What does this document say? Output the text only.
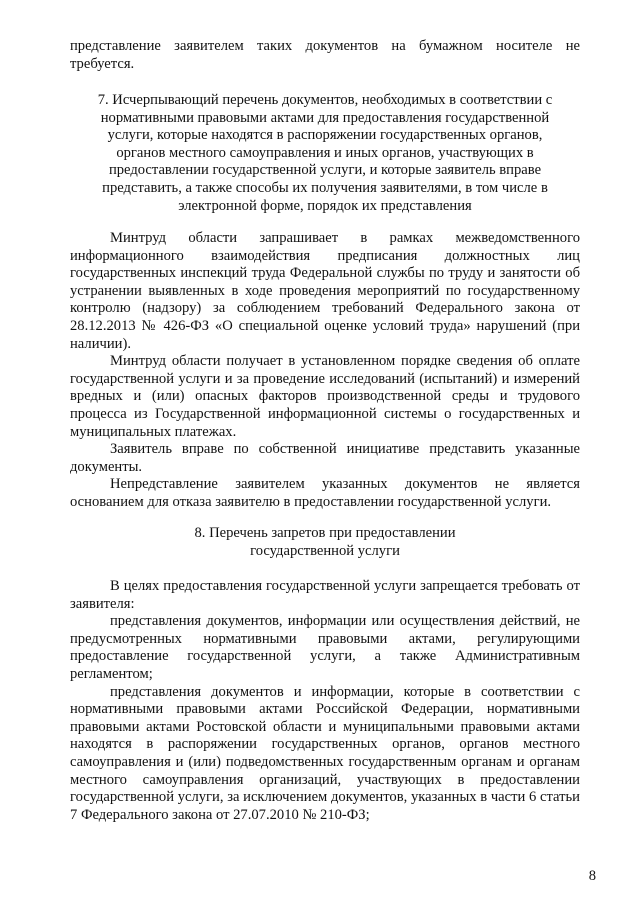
представление заявителем таких документов на бумажном носителе не требуется.

7. Исчерпывающий перечень документов, необходимых в соответствии с
нормативными правовыми актами для предоставления государственной
услуги, которые находятся в распоряжении государственных органов,
органов местного самоуправления и иных органов, участвующих в
предоставлении государственной услуги, и которые заявитель вправе
представить, а также способы их получения заявителями, в том числе в
электронной форме, порядок их представления

Минтруд области запрашивает в рамках межведомственного информационного взаимодействия предписания должностных лиц государственных инспекций труда Федеральной службы по труду и занятости об устранении выявленных в ходе проведения мероприятий по государственному контролю (надзору) за соблюдением требований Федерального закона от 28.12.2013 № 426-ФЗ «О специальной оценке условий труда» нарушений (при наличии).

Минтруд области получает в установленном порядке сведения об оплате государственной услуги и за проведение исследований (испытаний) и измерений вредных и (или) опасных факторов производственной среды и трудового процесса из Государственной информационной системы о государственных и муниципальных платежах.

Заявитель вправе по собственной инициативе представить указанные документы.

Непредставление заявителем указанных документов не является основанием для отказа заявителю в предоставлении государственной услуги.

8. Перечень запретов при предоставлении
государственной услуги

В целях предоставления государственной услуги запрещается требовать от заявителя:

представления документов, информации или осуществления действий, не предусмотренных нормативными правовыми актами, регулирующими предоставление государственной услуги, а также Административным регламентом;

представления документов и информации, которые в соответствии с нормативными правовыми актами Российской Федерации, нормативными правовыми актами Ростовской области и муниципальными правовыми актами находятся в распоряжении государственных органов, органов местного самоуправления и (или) подведомственных государственным органам и органам местного самоуправления организаций, участвующих в предоставлении государственной услуги, за исключением документов, указанных в части 6 статьи 7 Федерального закона от 27.07.2010 № 210-ФЗ;

8
